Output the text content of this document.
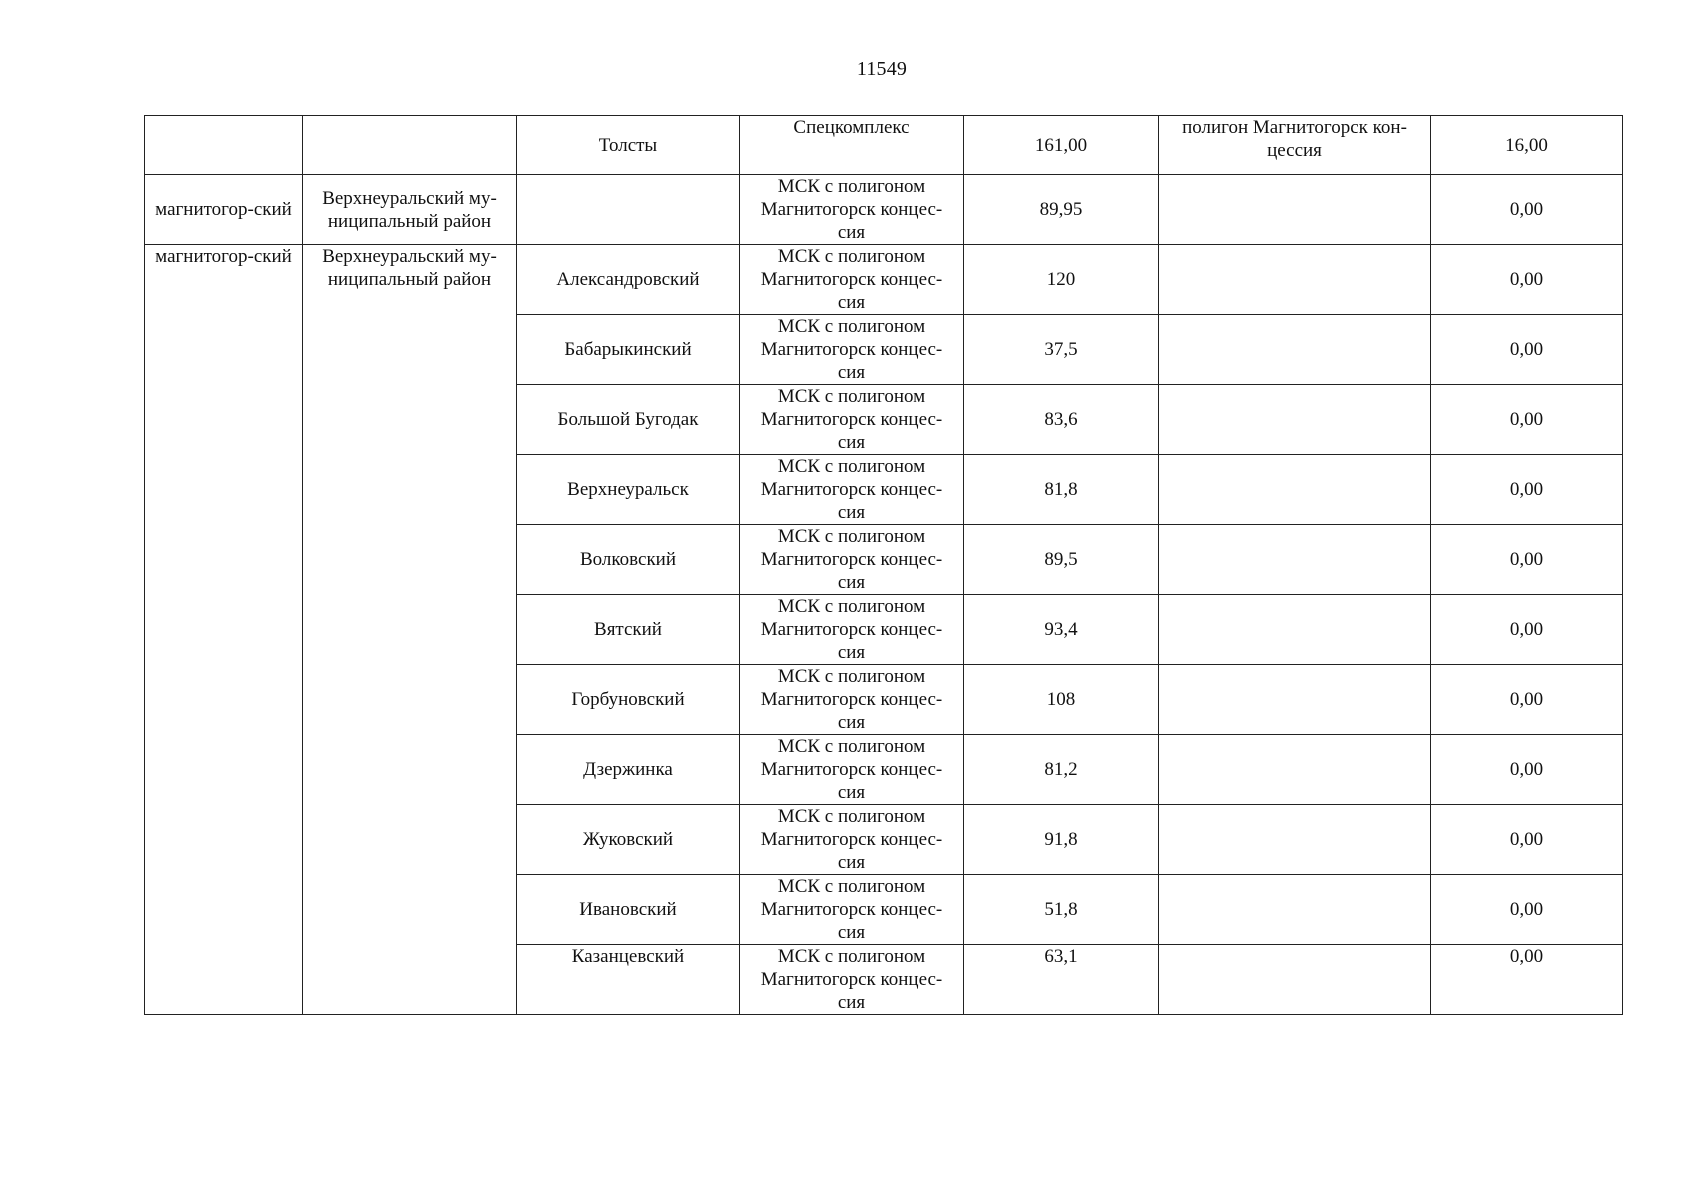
11549
		Толсты	Спецкомплекс	161,00	полигон Магнитогорск кон-цессия	16,00
магнитогор-ский	Верхнеуральский му-ниципальный район		МСК с полигоном Магнитогорск концес-сия	89,95		0,00
магнитогор-ский	Верхнеуральский му-ниципальный район	Александровский	МСК с полигоном Магнитогорск концес-сия	120		0,00
		Бабарыкинский	МСК с полигоном Магнитогорск концес-сия	37,5		0,00
		Большой Бугодак	МСК с полигоном Магнитогорск концес-сия	83,6		0,00
		Верхнеуральск	МСК с полигоном Магнитогорск концес-сия	81,8		0,00
		Волковский	МСК с полигоном Магнитогорск концес-сия	89,5		0,00
		Вятский	МСК с полигоном Магнитогорск концес-сия	93,4		0,00
		Горбуновский	МСК с полигоном Магнитогорск концес-сия	108		0,00
		Дзержинка	МСК с полигоном Магнитогорск концес-сия	81,2		0,00
		Жуковский	МСК с полигоном Магнитогорск концес-сия	91,8		0,00
		Ивановский	МСК с полигоном Магнитогорск концес-сия	51,8		0,00
		Казанцевский	МСК с полигоном Магнитогорск концес-сия	63,1		0,00
